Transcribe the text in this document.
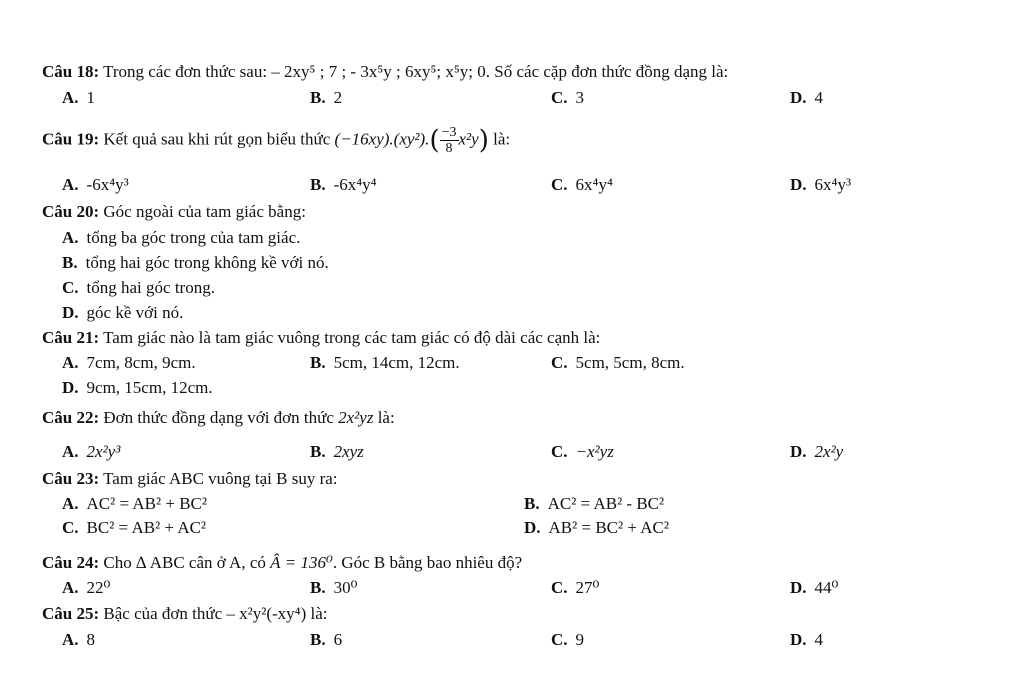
Câu 18: Trong các đơn thức sau: – 2xy⁵ ; 7 ; - 3x⁵y ; 6xy⁵; x⁵y; 0. Số các cặp đơn thức đồng dạng là:
A. 1	B. 2	C. 3	D. 4
Câu 19: Kết quả sau khi rút gọn biểu thức $(-16xy).(xy^2).( \frac{-3}{8} x^2y)$ là:
A. -6x⁴y³	B. -6x⁴y⁴	C. 6x⁴y⁴	D. 6x⁴y³
Câu 20: Góc ngoài của tam giác bằng:
A. tổng ba góc trong của tam giác.
B. tổng hai góc trong không kề với nó.
C. tổng hai góc trong.
D. góc kề với nó.
Câu 21: Tam giác nào là tam giác vuông trong các tam giác có độ dài các cạnh là:
A. 7cm, 8cm, 9cm.	B. 5cm, 14cm, 12cm.	C. 5cm, 5cm, 8cm.
D. 9cm, 15cm, 12cm.
Câu 22: Đơn thức đồng dạng với đơn thức 2x²yz là:
A. 2x²y³	B. 2xyz	C. −x²yz	D. 2x²y
Câu 23: Tam giác ABC vuông tại B suy ra:
A. AC² = AB² + BC²	B. AC² = AB² - BC²
C. BC² = AB² + AC²	D. AB² = BC² + AC²
Câu 24: Cho ∆ ABC cân ở A, có Â = 136⁰. Góc B bằng bao nhiêu độ?
A. 22⁰	B. 30⁰	C. 27⁰	D. 44⁰
Câu 25: Bậc của đơn thức – x²y²(-xy⁴) là:
A. 8	B. 6	C. 9	D. 4
